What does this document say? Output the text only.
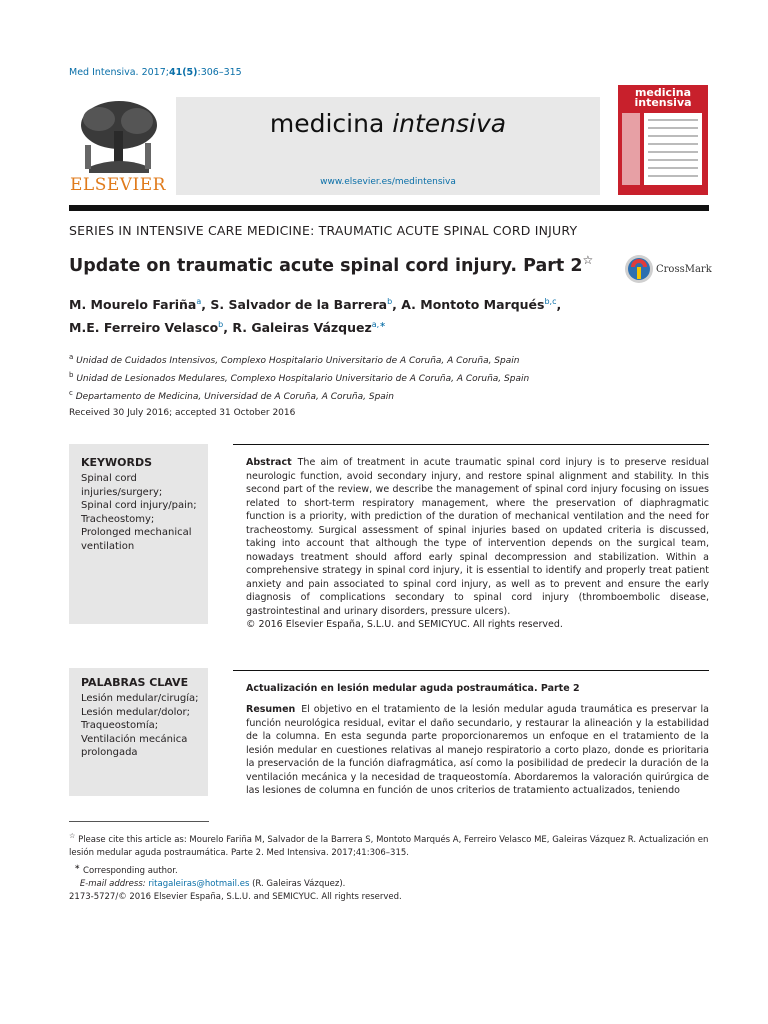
Med Intensiva. 2017;41(5):306–315
ELSEVIER
medicina intensiva
www.elsevier.es/medintensiva
medicina intensiva
SERIES IN INTENSIVE CARE MEDICINE: TRAUMATIC ACUTE SPINAL CORD INJURY
Update on traumatic acute spinal cord injury. Part 2☆
CrossMark
M. Mourelo Fariña$^a$, S. Salvador de la Barrera$^b$, A. Montoto Marqués$^{b,c}$,
M.E. Ferreiro Velasco$^b$, R. Galeiras Vázquez$^{a,∗}$
$^a$ Unidad de Cuidados Intensivos, Complexo Hospitalario Universitario de A Coruña, A Coruña, Spain
$^b$ Unidad de Lesionados Medulares, Complexo Hospitalario Universitario de A Coruña, A Coruña, Spain
$^c$ Departamento de Medicina, Universidad de A Coruña, A Coruña, Spain
Received 30 July 2016; accepted 31 October 2016
KEYWORDS
Spinal cord injuries/surgery;
Spinal cord injury/pain;
Tracheostomy;
Prolonged mechanical ventilation
Abstract The aim of treatment in acute traumatic spinal cord injury is to preserve residual neurologic function, avoid secondary injury, and restore spinal alignment and stability. In this second part of the review, we describe the management of spinal cord injury focusing on issues related to short-term respiratory management, where the preservation of diaphragmatic function is a priority, with prediction of the duration of mechanical ventilation and the need for tracheostomy. Surgical assessment of spinal injuries based on updated criteria is discussed, taking into account that although the type of intervention depends on the surgical team, nowadays treatment should afford early spinal decompression and stabilization. Within a comprehensive strategy in spinal cord injury, it is essential to identify and properly treat patient anxiety and pain associated to spinal cord injury, as well as to prevent and ensure the early diagnosis of complications secondary to spinal cord injury (thromboembolic disease, gastrointestinal and urinary disorders, pressure ulcers).
© 2016 Elsevier España, S.L.U. and SEMICYUC. All rights reserved.
PALABRAS CLAVE
Lesión medular/cirugía;
Lesión medular/dolor;
Traqueostomía;
Ventilación mecánica prolongada
Actualización en lesión medular aguda postraumática. Parte 2
Resumen El objetivo en el tratamiento de la lesión medular aguda traumática es preservar la función neurológica residual, evitar el daño secundario, y restaurar la alineación y la estabilidad de la columna. En esta segunda parte proporcionaremos un enfoque en el tratamiento de la lesión medular en cuestiones relativas al manejo respiratorio a corto plazo, donde es prioritaria la preservación de la función diafragmática, así como la posibilidad de predecir la duración de la ventilación mecánica y la necesidad de traqueostomía. Abordaremos la valoración quirúrgica de las lesiones de columna en función de unos criterios de tratamiento actualizados, teniendo
☆ Please cite this article as: Mourelo Fariña M, Salvador de la Barrera S, Montoto Marqués A, Ferreiro Velasco ME, Galeiras Vázquez R. Actualización en lesión medular aguda postraumática. Parte 2. Med Intensiva. 2017;41:306–315.
∗ Corresponding author.
E-mail address: ritagaleiras@hotmail.es (R. Galeiras Vázquez).
2173-5727/© 2016 Elsevier España, S.L.U. and SEMICYUC. All rights reserved.
